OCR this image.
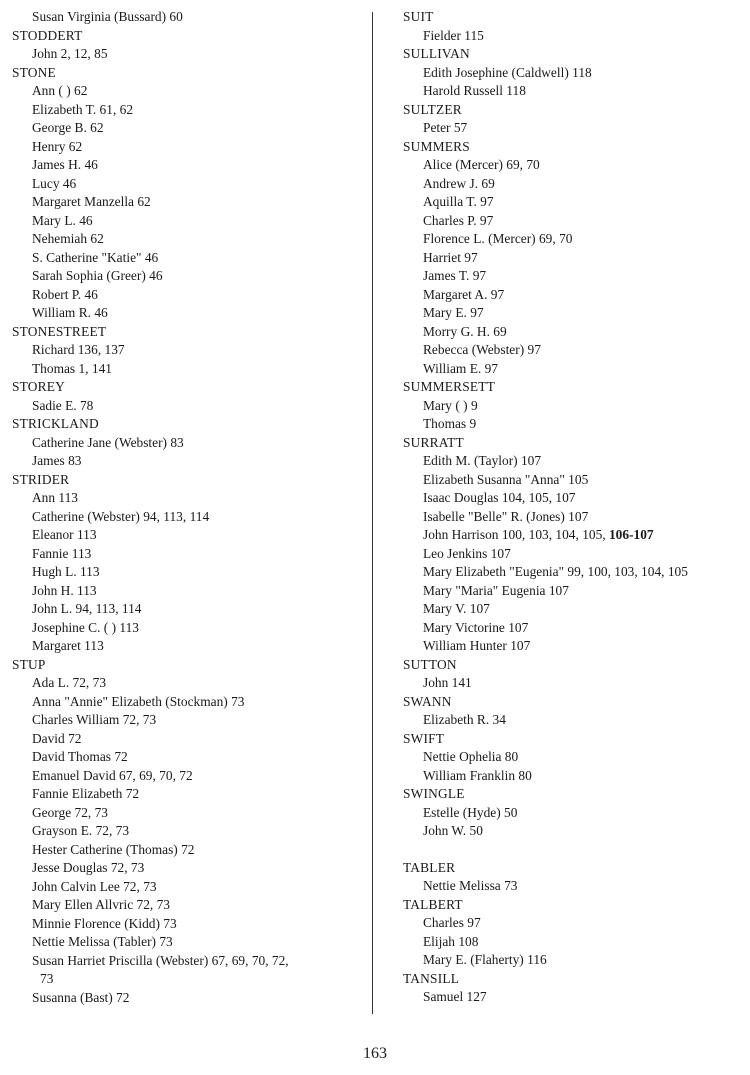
Susan Virginia (Bussard) 60
STODDERT
John 2, 12, 85
STONE
Ann ( ) 62
Elizabeth T. 61, 62
George B. 62
Henry 62
James H. 46
Lucy 46
Margaret Manzella 62
Mary L. 46
Nehemiah 62
S. Catherine "Katie" 46
Sarah Sophia (Greer) 46
Robert P. 46
William R. 46
STONESTREET
Richard 136, 137
Thomas 1, 141
STOREY
Sadie E. 78
STRICKLAND
Catherine Jane (Webster) 83
James 83
STRIDER
Ann 113
Catherine (Webster) 94, 113, 114
Eleanor 113
Fannie 113
Hugh L. 113
John H. 113
John L. 94, 113, 114
Josephine C. ( ) 113
Margaret 113
STUP
Ada L. 72, 73
Anna "Annie" Elizabeth (Stockman) 73
Charles William 72, 73
David 72
David Thomas 72
Emanuel David 67, 69, 70, 72
Fannie Elizabeth 72
George 72, 73
Grayson E. 72, 73
Hester Catherine (Thomas) 72
Jesse Douglas 72, 73
John Calvin Lee 72, 73
Mary Ellen Allvric 72, 73
Minnie Florence (Kidd) 73
Nettie Melissa (Tabler) 73
Susan Harriet Priscilla (Webster) 67, 69, 70, 72,
73
Susanna (Bast) 72
SUIT
Fielder 115
SULLIVAN
Edith Josephine (Caldwell) 118
Harold Russell 118
SULTZER
Peter 57
SUMMERS
Alice (Mercer) 69, 70
Andrew J. 69
Aquilla T. 97
Charles P. 97
Florence L. (Mercer) 69, 70
Harriet 97
James T. 97
Margaret A. 97
Mary E. 97
Morry G. H. 69
Rebecca (Webster) 97
William E. 97
SUMMERSETT
Mary ( ) 9
Thomas 9
SURRATT
Edith M. (Taylor) 107
Elizabeth Susanna "Anna" 105
Isaac Douglas 104, 105, 107
Isabelle "Belle" R. (Jones) 107
John Harrison 100, 103, 104, 105, 106-107
Leo Jenkins 107
Mary Elizabeth "Eugenia" 99, 100, 103, 104, 105
Mary "Maria" Eugenia 107
Mary V. 107
Mary Victorine 107
William Hunter 107
SUTTON
John 141
SWANN
Elizabeth R. 34
SWIFT
Nettie Ophelia 80
William Franklin 80
SWINGLE
Estelle (Hyde) 50
John W. 50
TABLER
Nettie Melissa 73
TALBERT
Charles 97
Elijah 108
Mary E. (Flaherty) 116
TANSILL
Samuel 127
163
